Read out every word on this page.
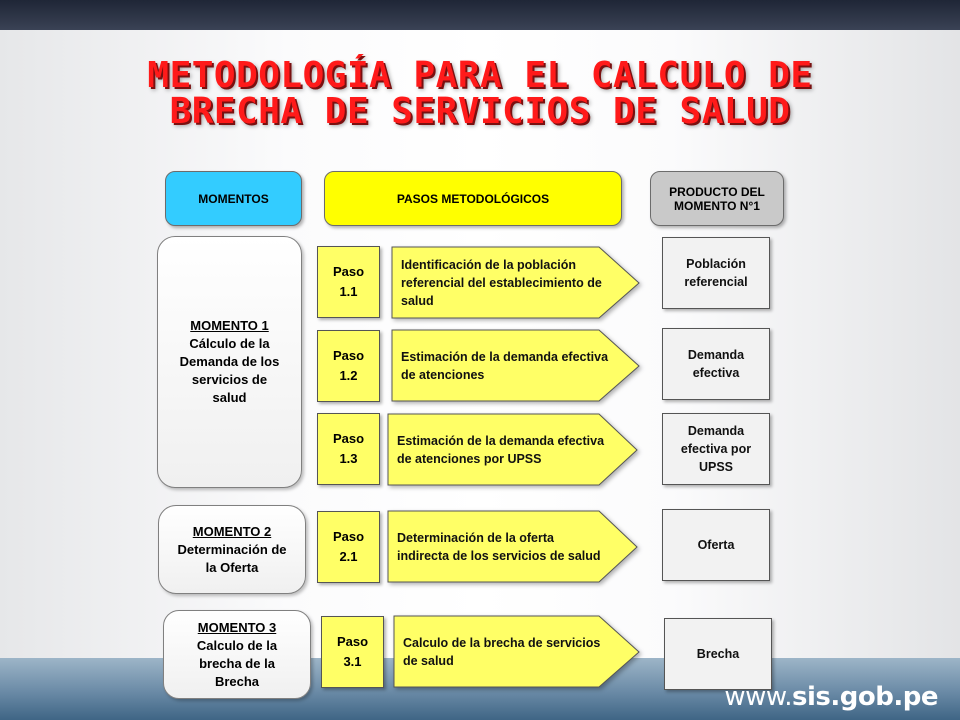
METODOLOGÍA PARA EL CALCULO DE
BRECHA DE SERVICIOS DE SALUD
MOMENTOS	PASOS METODOLÓGICOS	PRODUCTO DEL MOMENTO N°1
MOMENTO 1
Cálculo de la Demanda de los servicios de salud
MOMENTO 2
Determinación de la Oferta
MOMENTO 3
Calculo de la brecha de la Brecha
Paso 1.1
Paso 1.2
Paso 1.3
Paso 2.1
Paso 3.1
Identificación de la población referencial del establecimiento de salud
Estimación de la demanda efectiva de atenciones
Estimación de la demanda efectiva de atenciones por UPSS
Determinación de la oferta indirecta de los servicios de salud
Calculo de la brecha de servicios de salud
Población referencial
Demanda efectiva
Demanda efectiva por UPSS
Oferta
Brecha
www.sis.gob.pe
